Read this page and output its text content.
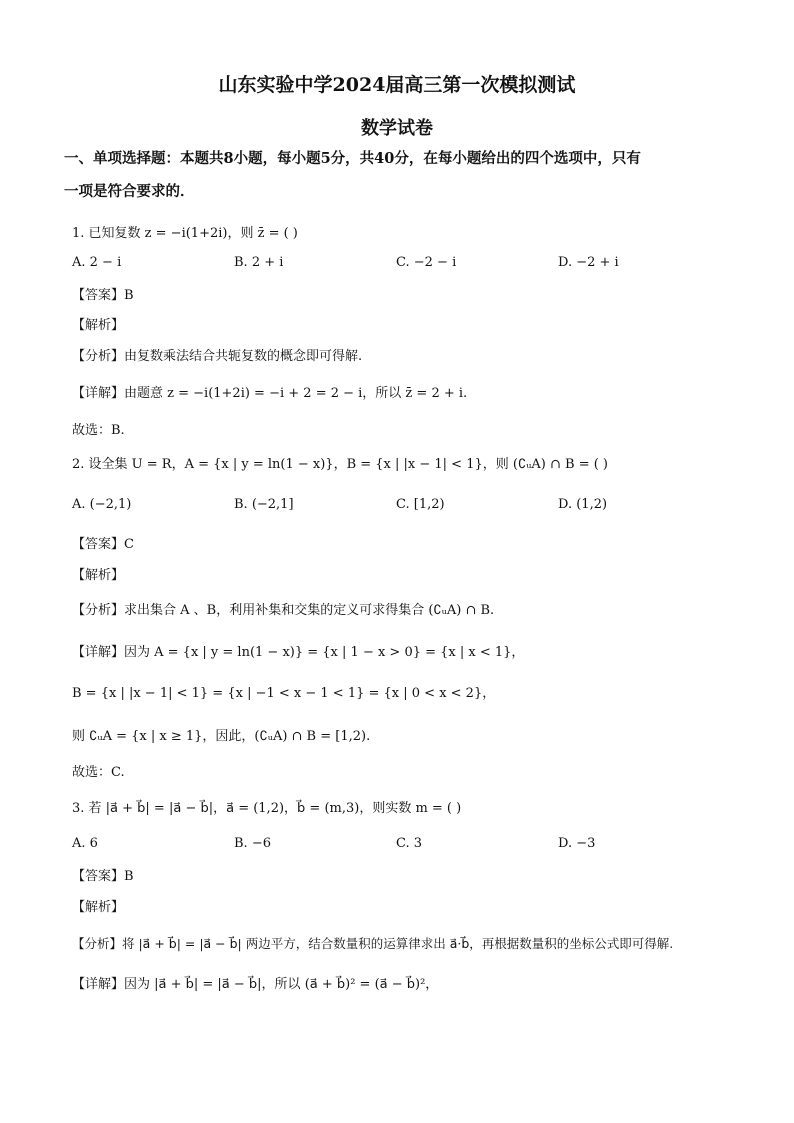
山东实验中学2024届高三第一次模拟测试
数学试卷
一、单项选择题：本题共8小题，每小题5分，共40分，在每小题给出的四个选项中，只有
一项是符合要求的．
1. 已知复数 z = −i(1+2i)，则 z̄ = ( )
A. 2 − i	B. 2 + i	C. −2 − i	D. −2 + i
【答案】B
【解析】
【分析】由复数乘法结合共轭复数的概念即可得解.
【详解】由题意 z = −i(1+2i) = −i + 2 = 2 − i，所以 z̄ = 2 + i.
故选：B.
2. 设全集 U = R，A = {x | y = ln(1 − x)}，B = {x | |x − 1| < 1}，则 (∁ᵤA) ∩ B = ( )
A. (−2,1)	B. (−2,1]	C. [1,2)	D. (1,2)
【答案】C
【解析】
【分析】求出集合 A 、B，利用补集和交集的定义可求得集合 (∁ᵤA) ∩ B.
【详解】因为 A = {x | y = ln(1 − x)} = {x | 1 − x > 0} = {x | x < 1}，
B = {x | |x − 1| < 1} = {x | −1 < x − 1 < 1} = {x | 0 < x < 2}，
则 ∁ᵤA = {x | x ≥ 1}，因此，(∁ᵤA) ∩ B = [1,2).
故选：C.
3. 若 |a⃗ + b⃗| = |a⃗ − b⃗|，a⃗ = (1,2)，b⃗ = (m,3)，则实数 m = ( )
A. 6	B. −6	C. 3	D. −3
【答案】B
【解析】
【分析】将 |a⃗ + b⃗| = |a⃗ − b⃗| 两边平方，结合数量积的运算律求出 a⃗·b⃗，再根据数量积的坐标公式即可得解.
【详解】因为 |a⃗ + b⃗| = |a⃗ − b⃗|，所以 (a⃗ + b⃗)² = (a⃗ − b⃗)²，
